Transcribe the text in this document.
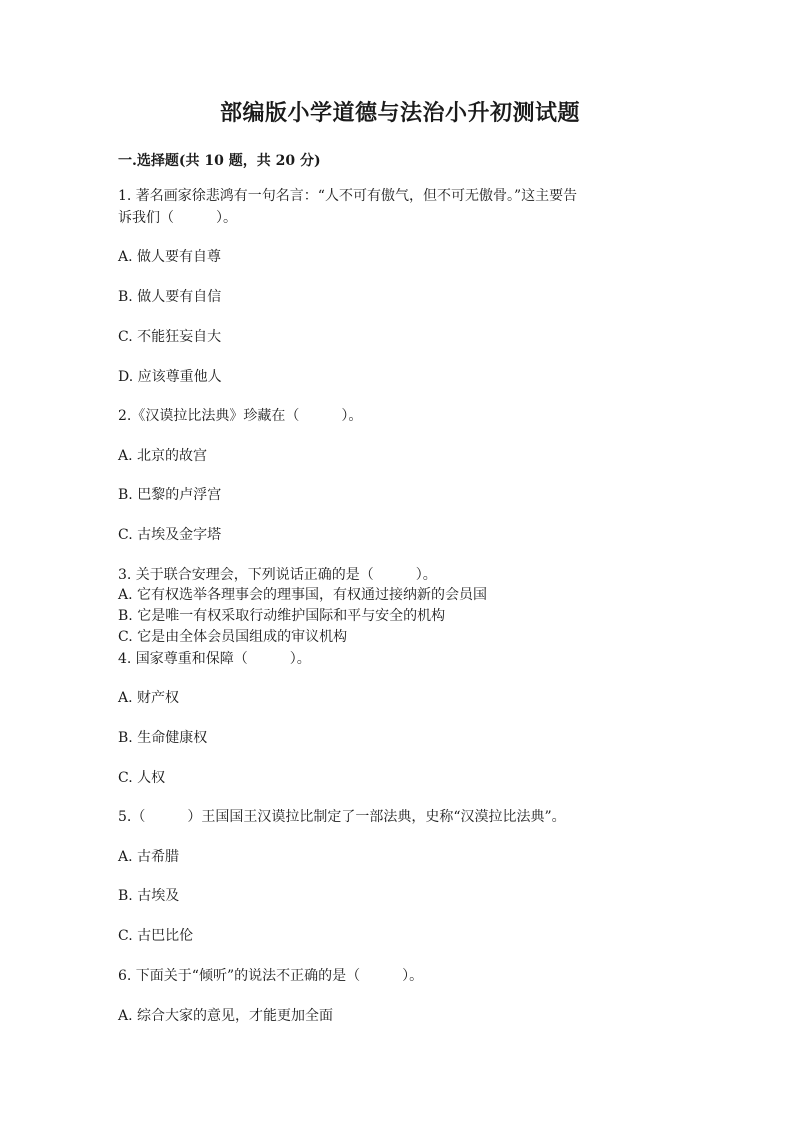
部编版小学道德与法治小升初测试题

一.选择题(共 10 题，共 20 分)

1. 著名画家徐悲鸿有一句名言：“人不可有傲气，但不可无傲骨。”这主要告

诉我们（　　　）。

A. 做人要有自尊

B. 做人要有自信

C. 不能狂妄自大

D. 应该尊重他人

2.《汉谟拉比法典》珍藏在（　　　）。

A. 北京的故宫

B. 巴黎的卢浮宫

C. 古埃及金字塔

3. 关于联合安理会，下列说话正确的是（　　　）。

A. 它有权选举各理事会的理事国，有权通过接纳新的会员国

B. 它是唯一有权采取行动维护国际和平与安全的机构

C. 它是由全体会员国组成的审议机构

4. 国家尊重和保障（　　　）。

A. 财产权

B. 生命健康权

C. 人权

5.（　　　）王国国王汉谟拉比制定了一部法典，史称“汉漠拉比法典”。

A. 古希腊

B. 古埃及

C. 古巴比伦

6. 下面关于“倾听”的说法不正确的是（　　　）。

A. 综合大家的意见，才能更加全面
